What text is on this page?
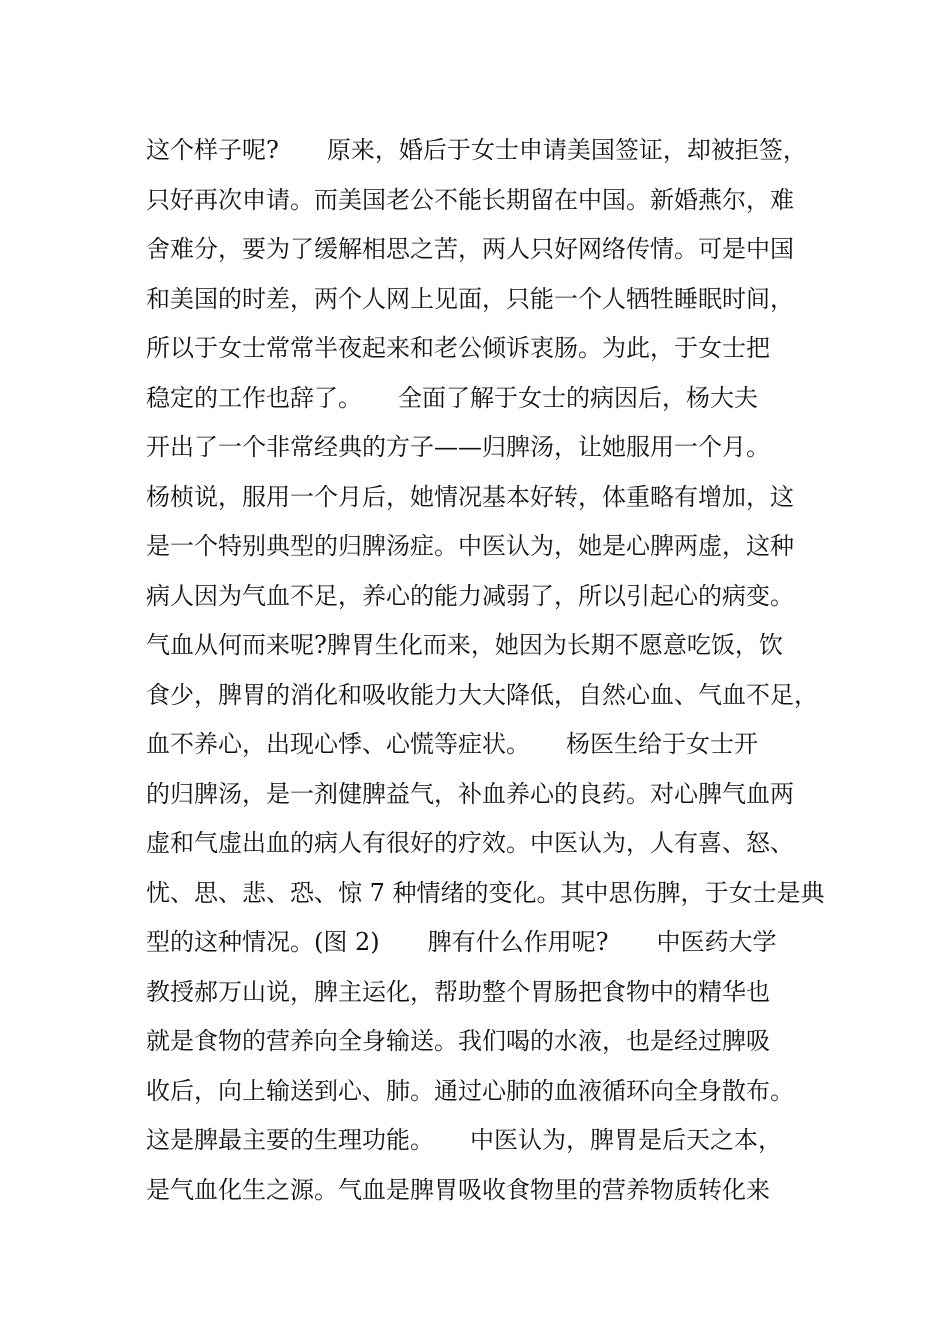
这个样子呢?　　原来，婚后于女士申请美国签证，却被拒签，
只好再次申请。而美国老公不能长期留在中国。新婚燕尔，难
舍难分，要为了缓解相思之苦，两人只好网络传情。可是中国
和美国的时差，两个人网上见面，只能一个人牺牲睡眠时间，
所以于女士常常半夜起来和老公倾诉衷肠。为此，于女士把
稳定的工作也辞了。　　全面了解于女士的病因后，杨大夫
开出了一个非常经典的方子——归脾汤，让她服用一个月。
杨桢说，服用一个月后，她情况基本好转，体重略有增加，这
是一个特别典型的归脾汤症。中医认为，她是心脾两虚，这种
病人因为气血不足，养心的能力减弱了，所以引起心的病变。
气血从何而来呢?脾胃生化而来，她因为长期不愿意吃饭，饮
食少，脾胃的消化和吸收能力大大降低，自然心血、气血不足，
血不养心，出现心悸、心慌等症状。　　杨医生给于女士开
的归脾汤，是一剂健脾益气，补血养心的良药。对心脾气血两
虚和气虚出血的病人有很好的疗效。中医认为，人有喜、怒、
忧、思、悲、恐、惊 7 种情绪的变化。其中思伤脾，于女士是典
型的这种情况。(图 2)　　脾有什么作用呢?　　中医药大学
教授郝万山说，脾主运化，帮助整个胃肠把食物中的精华也
就是食物的营养向全身输送。我们喝的水液，也是经过脾吸
收后，向上输送到心、肺。通过心肺的血液循环向全身散布。
这是脾最主要的生理功能。　　中医认为，脾胃是后天之本，
是气血化生之源。气血是脾胃吸收食物里的营养物质转化来
